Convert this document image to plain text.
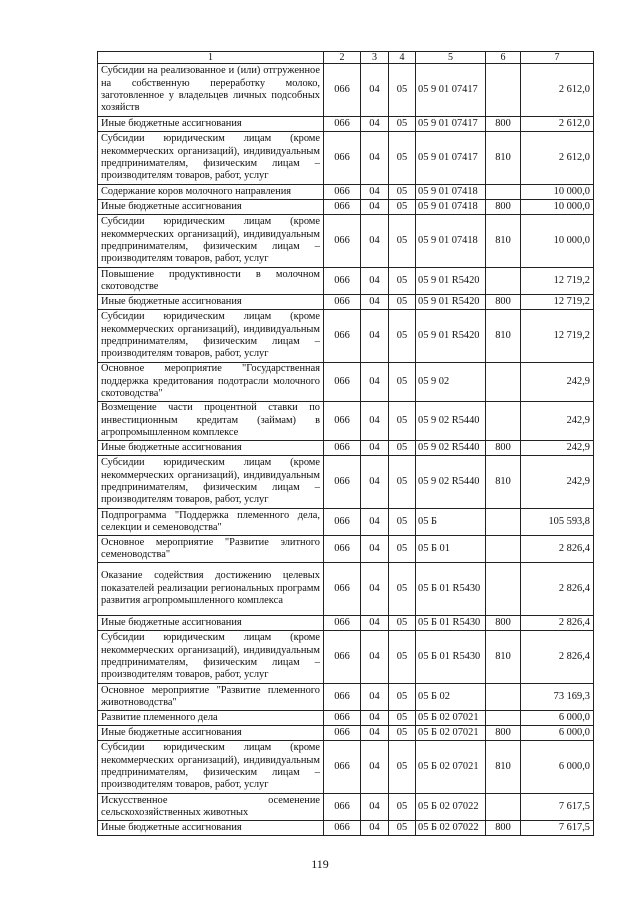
1	2	3	4	5	6	7
Субсидии на реализованное и (или) отгруженное на собственную переработку молоко, заготовленное у владельцев личных подсобных хозяйств	066	04	05	05 9 01 07417		2 612,0
Иные бюджетные ассигнования	066	04	05	05 9 01 07417	800	2 612,0
Субсидии юридическим лицам (кроме некоммерческих организаций), индивидуальным предпринимателям, физическим лицам – производителям товаров, работ, услуг	066	04	05	05 9 01 07417	810	2 612,0
Содержание коров молочного направления	066	04	05	05 9 01 07418		10 000,0
Иные бюджетные ассигнования	066	04	05	05 9 01 07418	800	10 000,0
Субсидии юридическим лицам (кроме некоммерческих организаций), индивидуальным предпринимателям, физическим лицам – производителям товаров, работ, услуг	066	04	05	05 9 01 07418	810	10 000,0
Повышение продуктивности в молочном скотоводстве	066	04	05	05 9 01 R5420		12 719,2
Иные бюджетные ассигнования	066	04	05	05 9 01 R5420	800	12 719,2
Субсидии юридическим лицам (кроме некоммерческих организаций), индивидуальным предпринимателям, физическим лицам – производителям товаров, работ, услуг	066	04	05	05 9 01 R5420	810	12 719,2
Основное мероприятие "Государственная поддержка кредитования подотрасли молочного скотоводства"	066	04	05	05 9 02		242,9
Возмещение части процентной ставки по инвестиционным кредитам (займам) в агропромышленном комплексе	066	04	05	05 9 02 R5440		242,9
Иные бюджетные ассигнования	066	04	05	05 9 02 R5440	800	242,9
Субсидии юридическим лицам (кроме некоммерческих организаций), индивидуальным предпринимателям, физическим лицам – производителям товаров, работ, услуг	066	04	05	05 9 02 R5440	810	242,9
Подпрограмма "Поддержка племенного дела, селекции и семеноводства"	066	04	05	05 Б		105 593,8
Основное мероприятие "Развитие элитного семеноводства"	066	04	05	05 Б 01		2 826,4
Оказание содействия достижению целевых показателей реализации региональных программ развития агропромышленного комплекса	066	04	05	05 Б 01 R5430		2 826,4
Иные бюджетные ассигнования	066	04	05	05 Б 01 R5430	800	2 826,4
Субсидии юридическим лицам (кроме некоммерческих организаций), индивидуальным предпринимателям, физическим лицам – производителям товаров, работ, услуг	066	04	05	05 Б 01 R5430	810	2 826,4
Основное мероприятие "Развитие племенного животноводства"	066	04	05	05 Б 02		73 169,3
Развитие племенного дела	066	04	05	05 Б 02 07021		6 000,0
Иные бюджетные ассигнования	066	04	05	05 Б 02 07021	800	6 000,0
Субсидии юридическим лицам (кроме некоммерческих организаций), индивидуальным предпринимателям, физическим лицам – производителям товаров, работ, услуг	066	04	05	05 Б 02 07021	810	6 000,0
Искусственное осеменение сельскохозяйственных животных	066	04	05	05 Б 02 07022		7 617,5
Иные бюджетные ассигнования	066	04	05	05 Б 02 07022	800	7 617,5
119
